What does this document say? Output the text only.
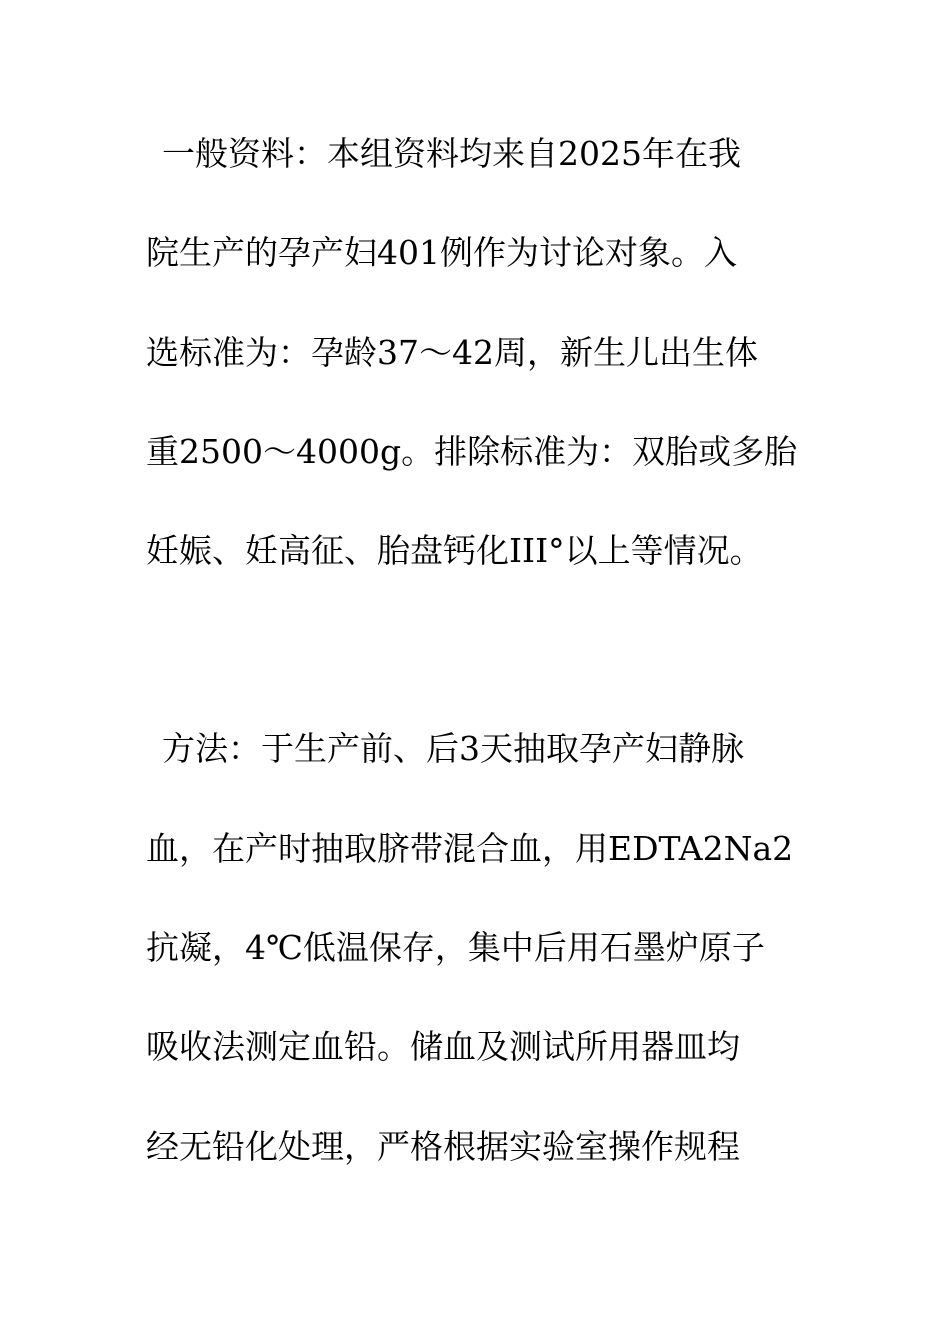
一般资料：本组资料均来自2025年在我
院生产的孕产妇401例作为讨论对象。入
选标准为：孕龄37～42周，新生儿出生体
重2500～4000g。排除标准为：双胎或多胎
妊娠、妊高征、胎盘钙化III°以上等情况。
方法：于生产前、后3天抽取孕产妇静脉
血，在产时抽取脐带混合血，用EDTA2Na2
抗凝，4℃低温保存，集中后用石墨炉原子
吸收法测定血铅。储血及测试所用器皿均
经无铅化处理，严格根据实验室操作规程
